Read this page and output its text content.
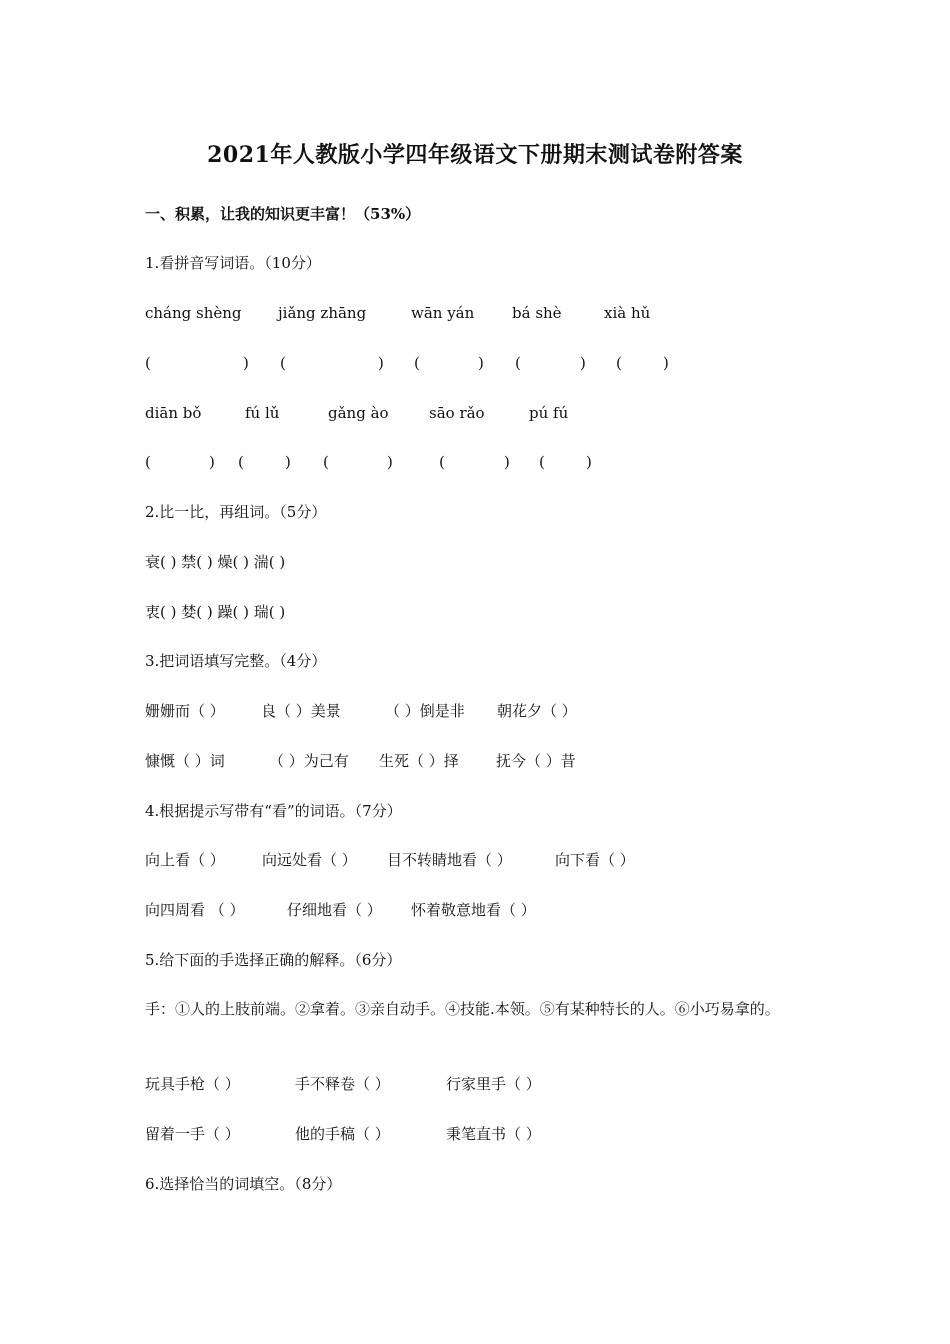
2021年人教版小学四年级语文下册期末测试卷附答案
一、积累，让我的知识更丰富！（53%）
1.看拼音写词语。（10分）
cháng shèng jiǎng zhāng	wān yán	bá shè	xià hǔ
(	) (	) (	) (	) (	)
diān bǒ	fú lǔ	gǎng ào	sāo rǎo	pú fú
(	) (	) (	)	(	) (	)
2.比一比，再组词。（5分）
衰( ) 禁( ) 燥( ) 湍( )
衷( ) 婪( ) 躁( ) 瑞( )
3.把词语填写完整。（4分）
姗姗而（ ） 良（ ）美景	（ ）倒是非 朝花夕（ ）
慷慨（ ）词	（ ）为己有 生死（ ）择 抚今（ ）昔
4.根据提示写带有“看”的词语。（7分）
向上看（ ） 向远处看（ ） 目不转睛地看（ ）	向下看（ ）
向四周看 （ ）	仔细地看（ ） 怀着敬意地看（ ）
5.给下面的手选择正确的解释。（6分）
手：①人的上肢前端。②拿着。③亲自动手。④技能.本领。⑤有某种特长的人。⑥小巧易拿的。
玩具手枪（ ）	手不释卷（ ）	行家里手（ ）
留着一手（ ）	他的手稿（ ）	秉笔直书（ ）
6.选择恰当的词填空。（8分）
